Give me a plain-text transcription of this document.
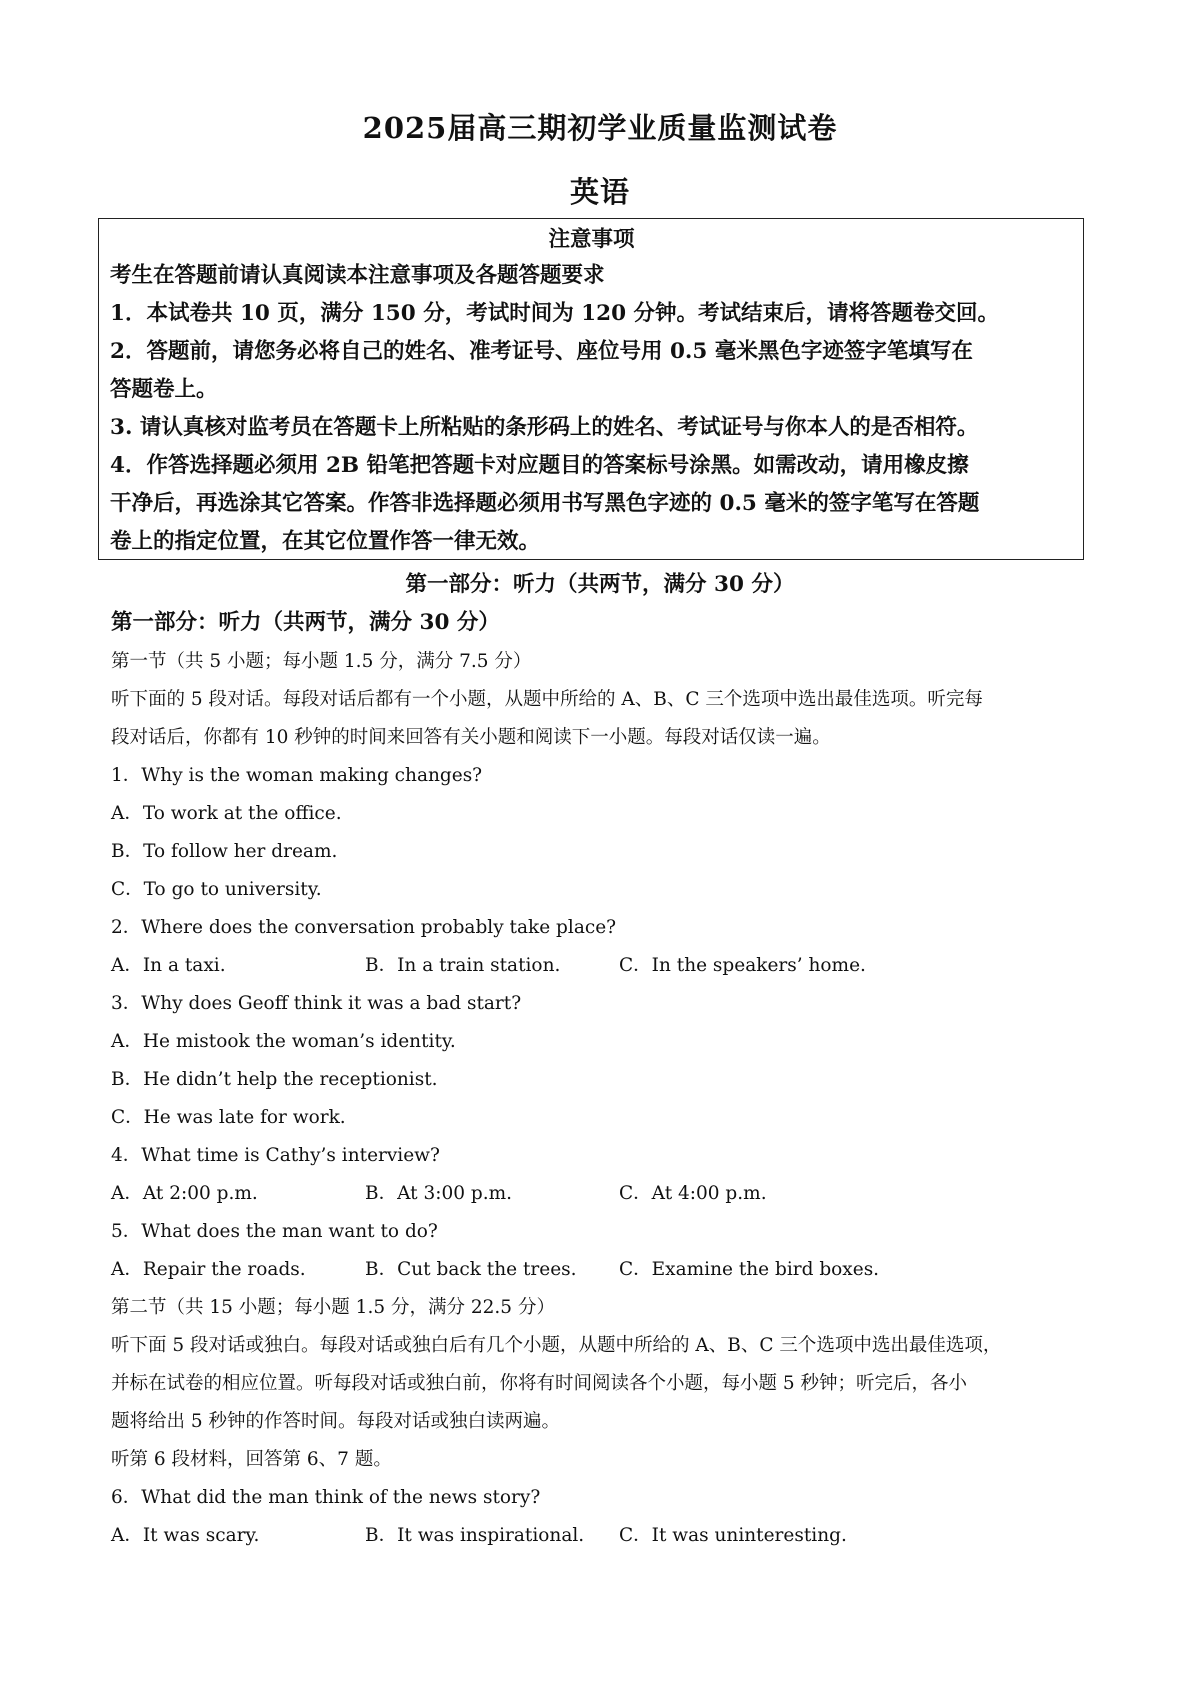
2025届高三期初学业质量监测试卷
英语
注意事项
考生在答题前请认真阅读本注意事项及各题答题要求
1．本试卷共 10 页，满分 150 分，考试时间为 120 分钟。考试结束后，请将答题卷交回。
2．答题前，请您务必将自己的姓名、准考证号、座位号用 0.5 毫米黑色字迹签字笔填写在
答题卷上。
3. 请认真核对监考员在答题卡上所粘贴的条形码上的姓名、考试证号与你本人的是否相符。
4．作答选择题必须用 2B 铅笔把答题卡对应题目的答案标号涂黑。如需改动，请用橡皮擦
干净后，再选涂其它答案。作答非选择题必须用书写黑色字迹的 0.5 毫米的签字笔写在答题
卷上的指定位置，在其它位置作答一律无效。
第一部分：听力（共两节，满分 30 分）
第一部分：听力（共两节，满分 30 分）
第一节（共 5 小题；每小题 1.5 分，满分 7.5 分）
听下面的 5 段对话。每段对话后都有一个小题，从题中所给的 A、B、C 三个选项中选出最佳选项。听完每
段对话后，你都有 10 秒钟的时间来回答有关小题和阅读下一小题。每段对话仅读一遍。
1．Why is the woman making changes?
A．To work at the office.
B．To follow her dream.
C．To go to university.
2．Where does the conversation probably take place?
A．In a taxi.	B．In a train station.	C．In the speakers’ home.
3．Why does Geoff think it was a bad start?
A．He mistook the woman’s identity.
B．He didn’t help the receptionist.
C．He was late for work.
4．What time is Cathy’s interview?
A．At 2:00 p.m.	B．At 3:00 p.m.	C．At 4:00 p.m.
5．What does the man want to do?
A．Repair the roads.	B．Cut back the trees. C．Examine the bird boxes.
第二节（共 15 小题；每小题 1.5 分，满分 22.5 分）
听下面 5 段对话或独白。每段对话或独白后有几个小题，从题中所给的 A、B、C 三个选项中选出最佳选项，
并标在试卷的相应位置。听每段对话或独白前，你将有时间阅读各个小题，每小题 5 秒钟；听完后，各小
题将给出 5 秒钟的作答时间。每段对话或独白读两遍。
听第 6 段材料，回答第 6、7 题。
6．What did the man think of the news story?
A．It was scary.	B．It was inspirational. C．It was uninteresting.
